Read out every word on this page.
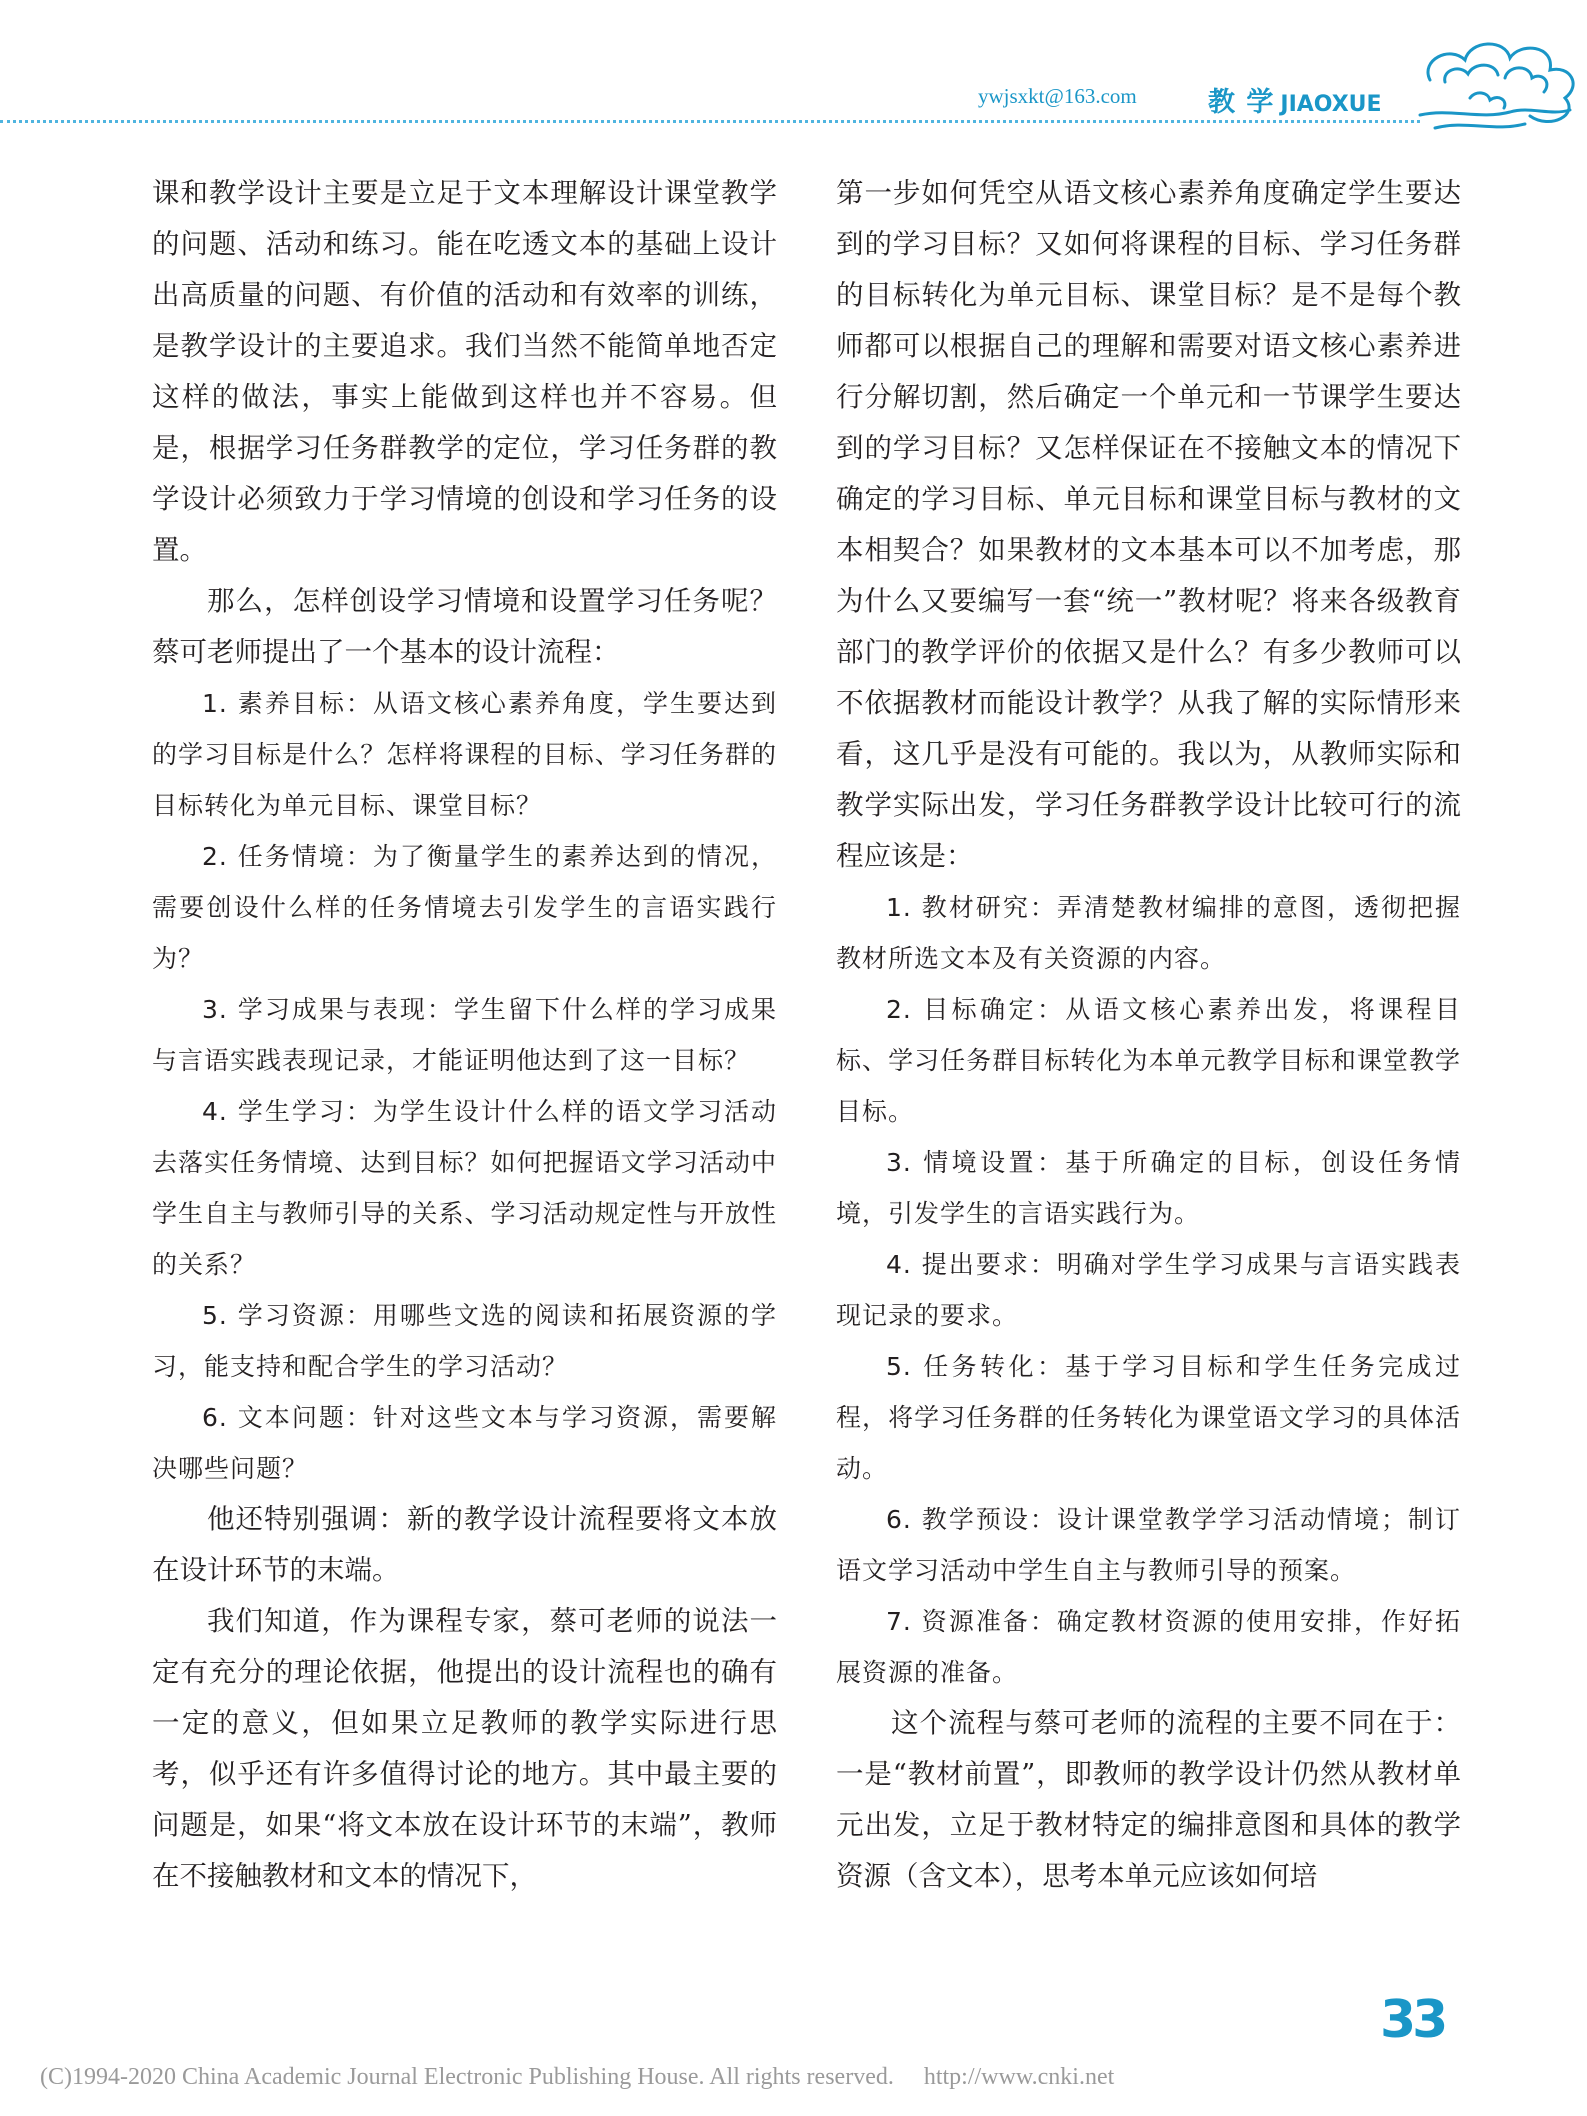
ywjsxkt@163.com	教 学 JIAOXUE

课和教学设计主要是立足于文本理解设计课堂教学的问题、活动和练习。能在吃透文本的基础上设计出高质量的问题、有价值的活动和有效率的训练，是教学设计的主要追求。我们当然不能简单地否定这样的做法，事实上能做到这样也并不容易。但是，根据学习任务群教学的定位，学习任务群的教学设计必须致力于学习情境的创设和学习任务的设置。

那么，怎样创设学习情境和设置学习任务呢？蔡可老师提出了一个基本的设计流程：

1. 素养目标：从语文核心素养角度，学生要达到的学习目标是什么？怎样将课程的目标、学习任务群的目标转化为单元目标、课堂目标？

2. 任务情境：为了衡量学生的素养达到的情况，需要创设什么样的任务情境去引发学生的言语实践行为？

3. 学习成果与表现：学生留下什么样的学习成果与言语实践表现记录，才能证明他达到了这一目标？

4. 学生学习：为学生设计什么样的语文学习活动去落实任务情境、达到目标？如何把握语文学习活动中学生自主与教师引导的关系、学习活动规定性与开放性的关系？

5. 学习资源：用哪些文选的阅读和拓展资源的学习，能支持和配合学生的学习活动？

6. 文本问题：针对这些文本与学习资源，需要解决哪些问题？

他还特别强调：新的教学设计流程要将文本放在设计环节的末端。

我们知道，作为课程专家，蔡可老师的说法一定有充分的理论依据，他提出的设计流程也的确有一定的意义，但如果立足教师的教学实际进行思考，似乎还有许多值得讨论的地方。其中最主要的问题是，如果“将文本放在设计环节的末端”，教师在不接触教材和文本的情况下，

第一步如何凭空从语文核心素养角度确定学生要达到的学习目标？又如何将课程的目标、学习任务群的目标转化为单元目标、课堂目标？是不是每个教师都可以根据自己的理解和需要对语文核心素养进行分解切割，然后确定一个单元和一节课学生要达到的学习目标？又怎样保证在不接触文本的情况下确定的学习目标、单元目标和课堂目标与教材的文本相契合？如果教材的文本基本可以不加考虑，那为什么又要编写一套“统一”教材呢？将来各级教育部门的教学评价的依据又是什么？有多少教师可以不依据教材而能设计教学？从我了解的实际情形来看，这几乎是没有可能的。我以为，从教师实际和教学实际出发，学习任务群教学设计比较可行的流程应该是：

1. 教材研究：弄清楚教材编排的意图，透彻把握教材所选文本及有关资源的内容。

2. 目标确定：从语文核心素养出发，将课程目标、学习任务群目标转化为本单元教学目标和课堂教学目标。

3. 情境设置：基于所确定的目标，创设任务情境，引发学生的言语实践行为。

4. 提出要求：明确对学生学习成果与言语实践表现记录的要求。

5. 任务转化：基于学习目标和学生任务完成过程，将学习任务群的任务转化为课堂语文学习的具体活动。

6. 教学预设：设计课堂教学学习活动情境；制订语文学习活动中学生自主与教师引导的预案。

7. 资源准备：确定教材资源的使用安排，作好拓展资源的准备。

这个流程与蔡可老师的流程的主要不同在于：一是“教材前置”，即教师的教学设计仍然从教材单元出发，立足于教材特定的编排意图和具体的教学资源（含文本），思考本单元应该如何培

33
(C)1994-2020 China Academic Journal Electronic Publishing House. All rights reserved.     http://www.cnki.net
